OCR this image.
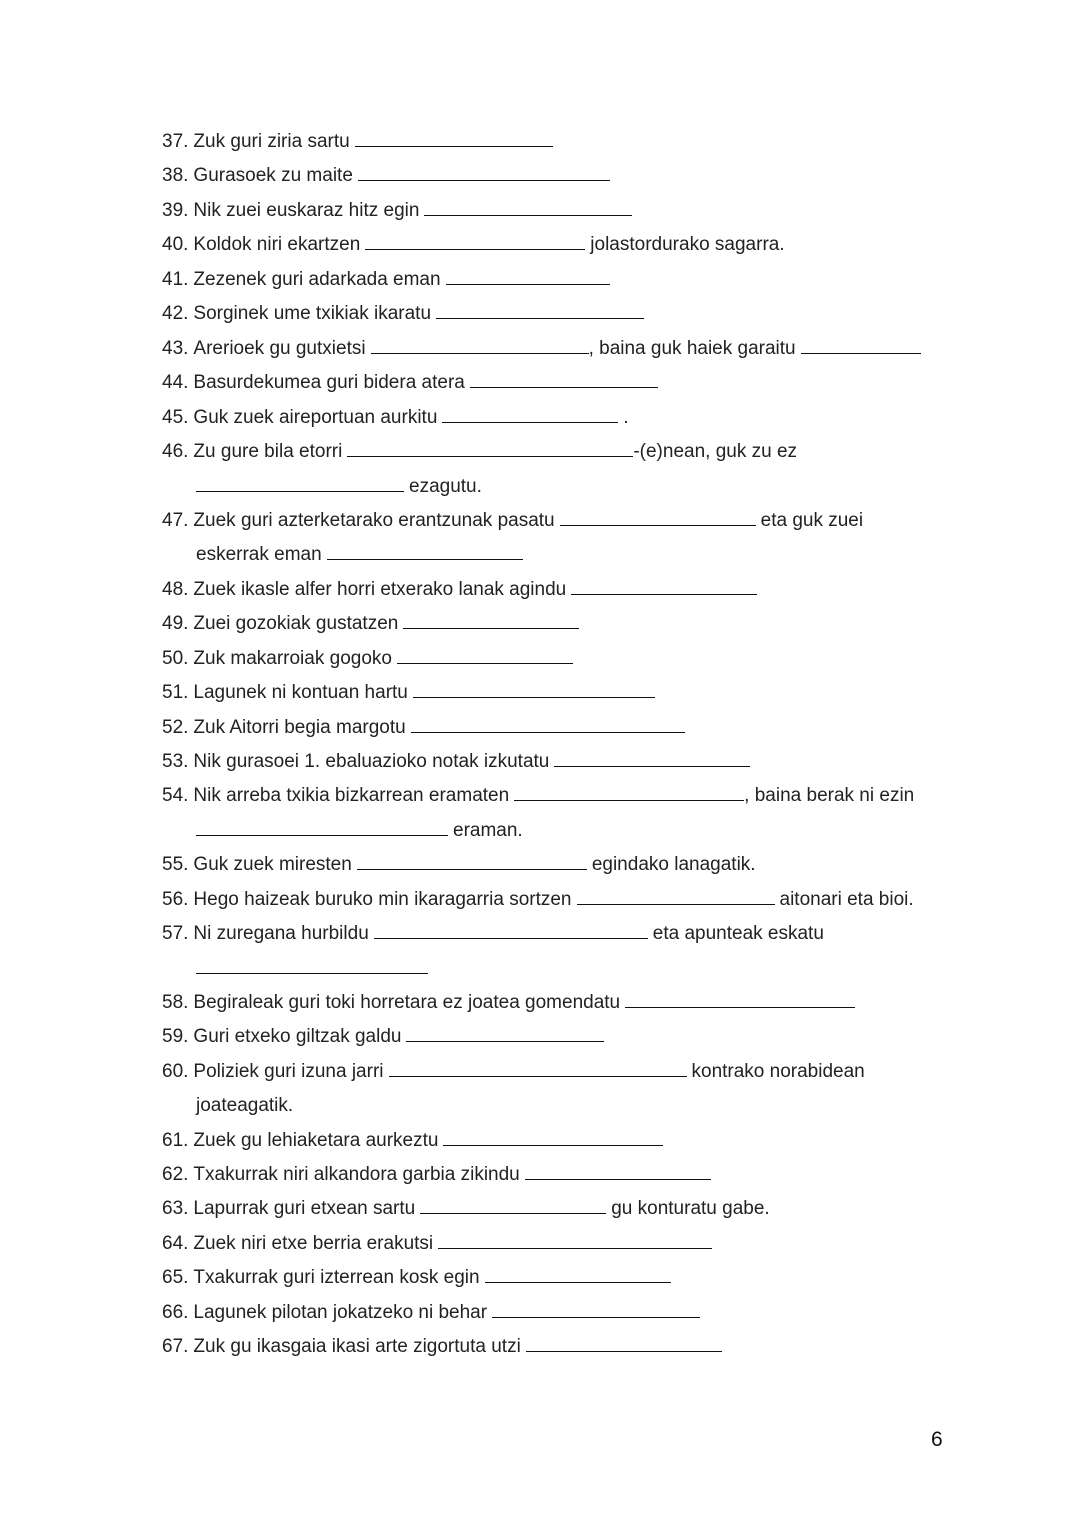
37. Zuk guri ziria sartu
38. Gurasoek zu maite
39. Nik zuei euskaraz hitz egin
40. Koldok niri ekartzen	jolastordurako sagarra.
41. Zezenek guri adarkada eman
42. Sorginek ume txikiak ikaratu
43. Arerioek gu gutxietsi	, baina guk haiek garaitu
44. Basurdekumea guri bidera atera
45. Guk zuek aireportuan aurkitu	.
46. Zu gure bila etorri	-(e)nean, guk zu ez
ezagutu.
47. Zuek guri azterketarako erantzunak pasatu	eta guk zuei
eskerrak eman
48. Zuek ikasle alfer horri etxerako lanak agindu
49. Zuei gozokiak gustatzen
50. Zuk makarroiak gogoko
51. Lagunek ni kontuan hartu
52. Zuk Aitorri begia margotu
53. Nik gurasoei 1. ebaluazioko notak izkutatu
54. Nik arreba txikia bizkarrean eramaten	, baina berak ni ezin
eraman.
55. Guk zuek miresten	egindako lanagatik.
56. Hego haizeak buruko min ikaragarria sortzen	aitonari eta bioi.
57. Ni zuregana hurbildu	eta apunteak eskatu
58. Begiraleak guri toki horretara ez joatea gomendatu
59. Guri etxeko giltzak galdu
60. Poliziek guri izuna jarri	kontrako norabidean
joateagatik.
61. Zuek gu lehiaketara aurkeztu
62. Txakurrak niri alkandora garbia zikindu
63. Lapurrak guri etxean sartu	gu konturatu gabe.
64. Zuek niri etxe berria erakutsi
65. Txakurrak guri izterrean kosk egin
66. Lagunek pilotan jokatzeko ni behar
67. Zuk gu ikasgaia ikasi arte zigortuta utzi
6
